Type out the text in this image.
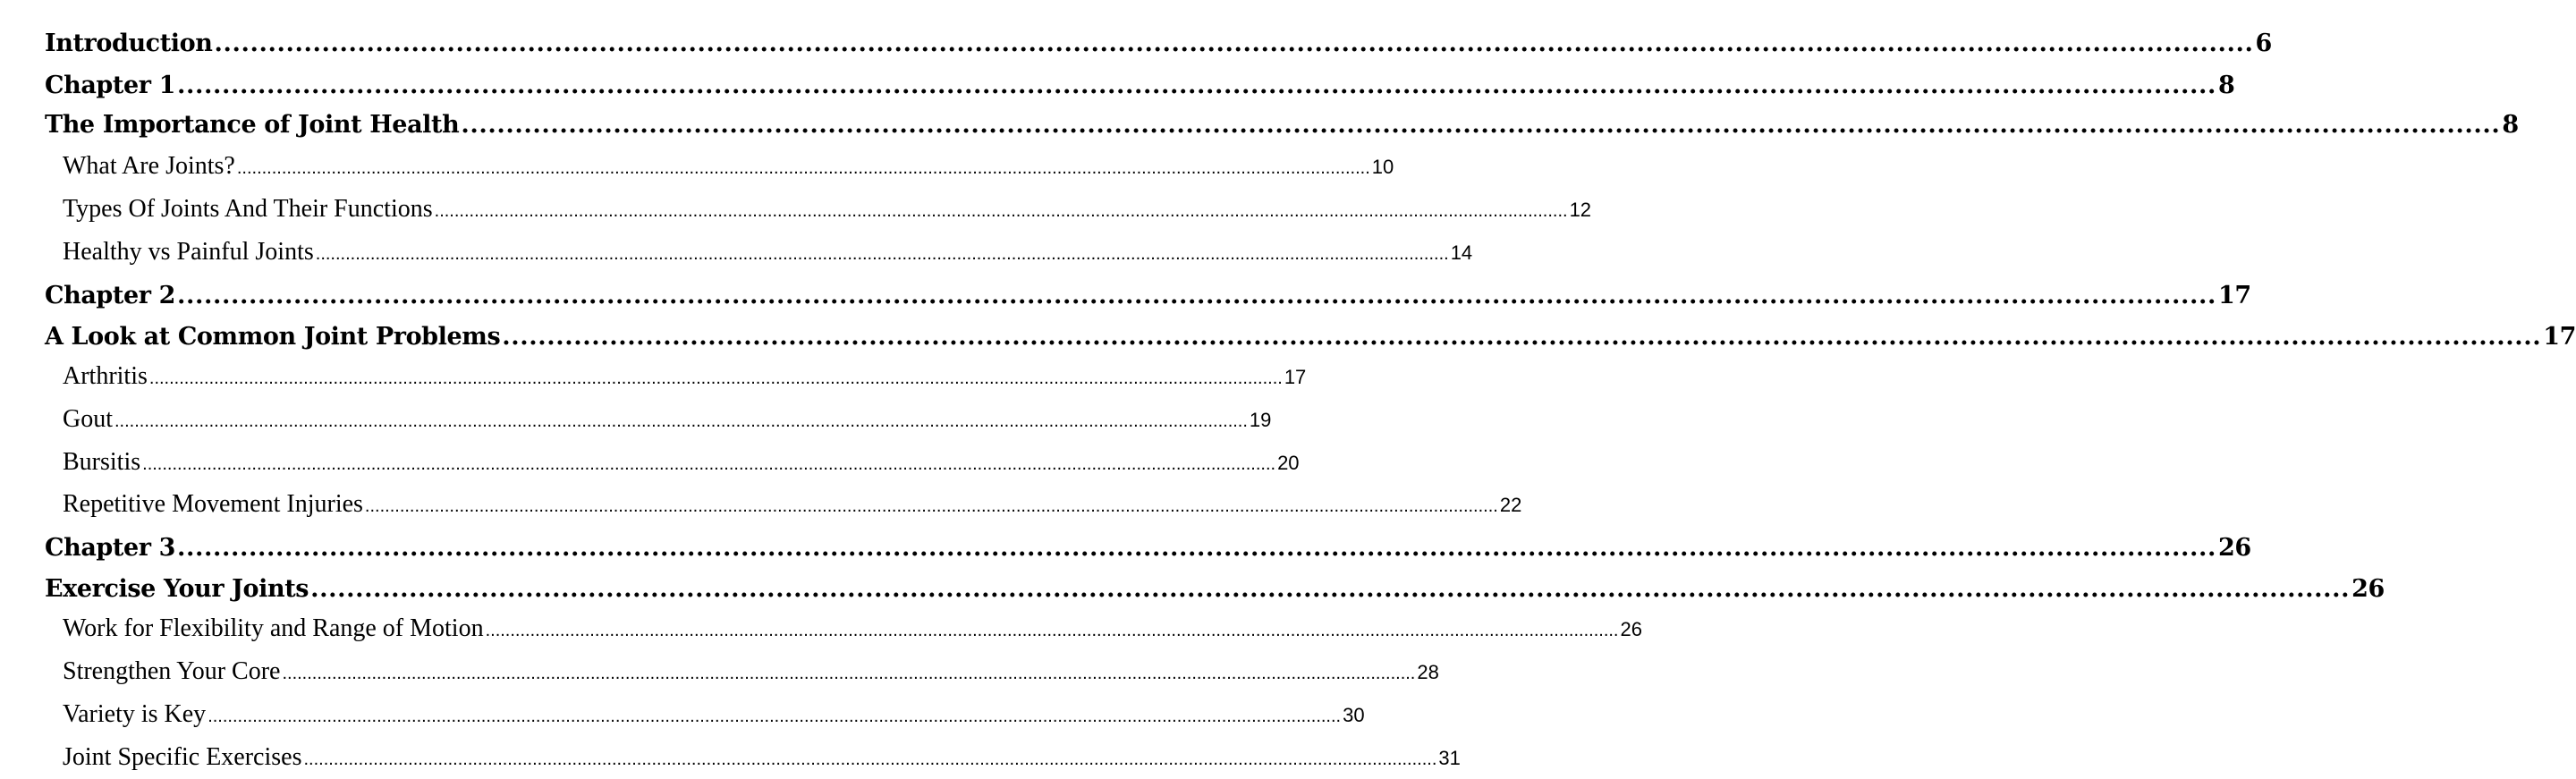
Introduction .................................................................................................................................................................................................................................... 6
Chapter 1 .................................................................................................................................................................................................................................... 8
The Importance of Joint Health .................................................................................................................................................................................................................................... 8
What Are Joints? .................................................................................................................................................................................................................................... 10
Types Of Joints And Their Functions .................................................................................................................................................................................................................................... 12
Healthy vs Painful Joints .................................................................................................................................................................................................................................... 14
Chapter 2 .................................................................................................................................................................................................................................... 17
A Look at Common Joint Problems .................................................................................................................................................................................................................................... 17
Arthritis .................................................................................................................................................................................................................................... 17
Gout .................................................................................................................................................................................................................................... 19
Bursitis .................................................................................................................................................................................................................................... 20
Repetitive Movement Injuries .................................................................................................................................................................................................................................... 22
Chapter 3 .................................................................................................................................................................................................................................... 26
Exercise Your Joints .................................................................................................................................................................................................................................... 26
Work for Flexibility and Range of Motion .................................................................................................................................................................................................................................... 26
Strengthen Your Core .................................................................................................................................................................................................................................... 28
Variety is Key .................................................................................................................................................................................................................................... 30
Joint Specific Exercises .................................................................................................................................................................................................................................... 31
